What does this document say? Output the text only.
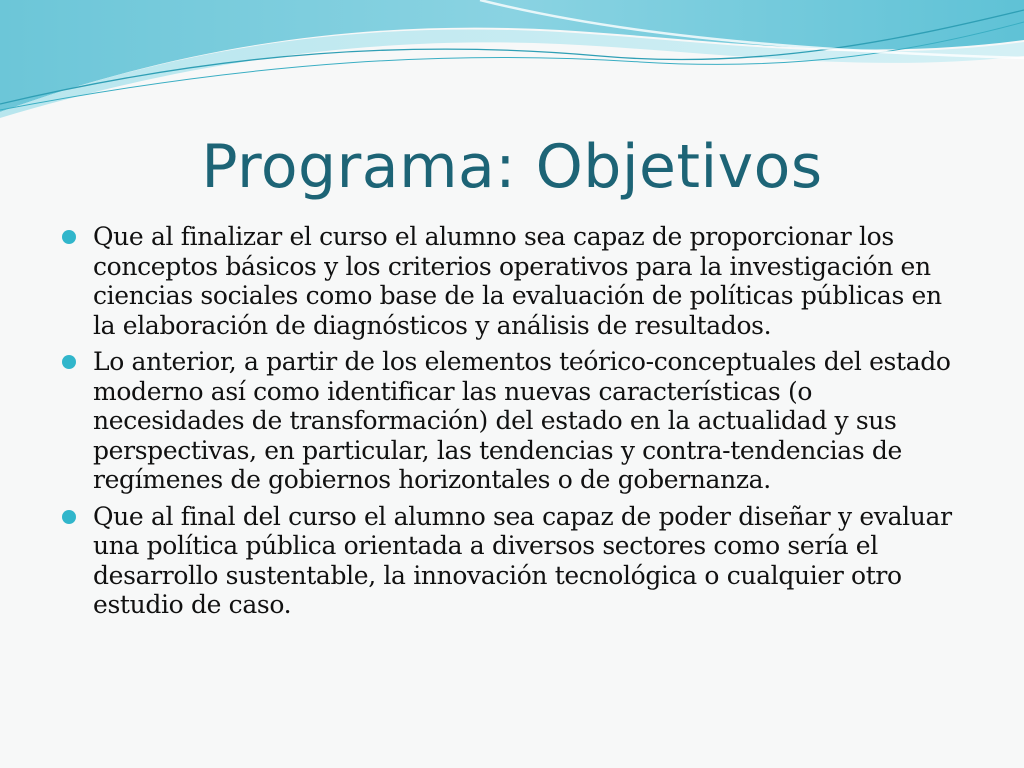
Programa: Objetivos
Que al finalizar el curso el alumno sea capaz de proporcionar los conceptos básicos y los criterios operativos para la investigación en ciencias sociales como base de la evaluación de políticas públicas en la elaboración de diagnósticos y análisis de resultados.
Lo anterior, a partir de los elementos teórico-conceptuales del estado moderno así como identificar las nuevas características (o necesidades de transformación) del estado en la actualidad y sus perspectivas, en particular, las tendencias y contra-tendencias de regímenes de gobiernos horizontales o de gobernanza.
Que al final del curso el alumno sea capaz de poder diseñar y evaluar una política pública orientada a diversos sectores como sería el desarrollo sustentable, la innovación tecnológica o cualquier otro estudio de caso.
